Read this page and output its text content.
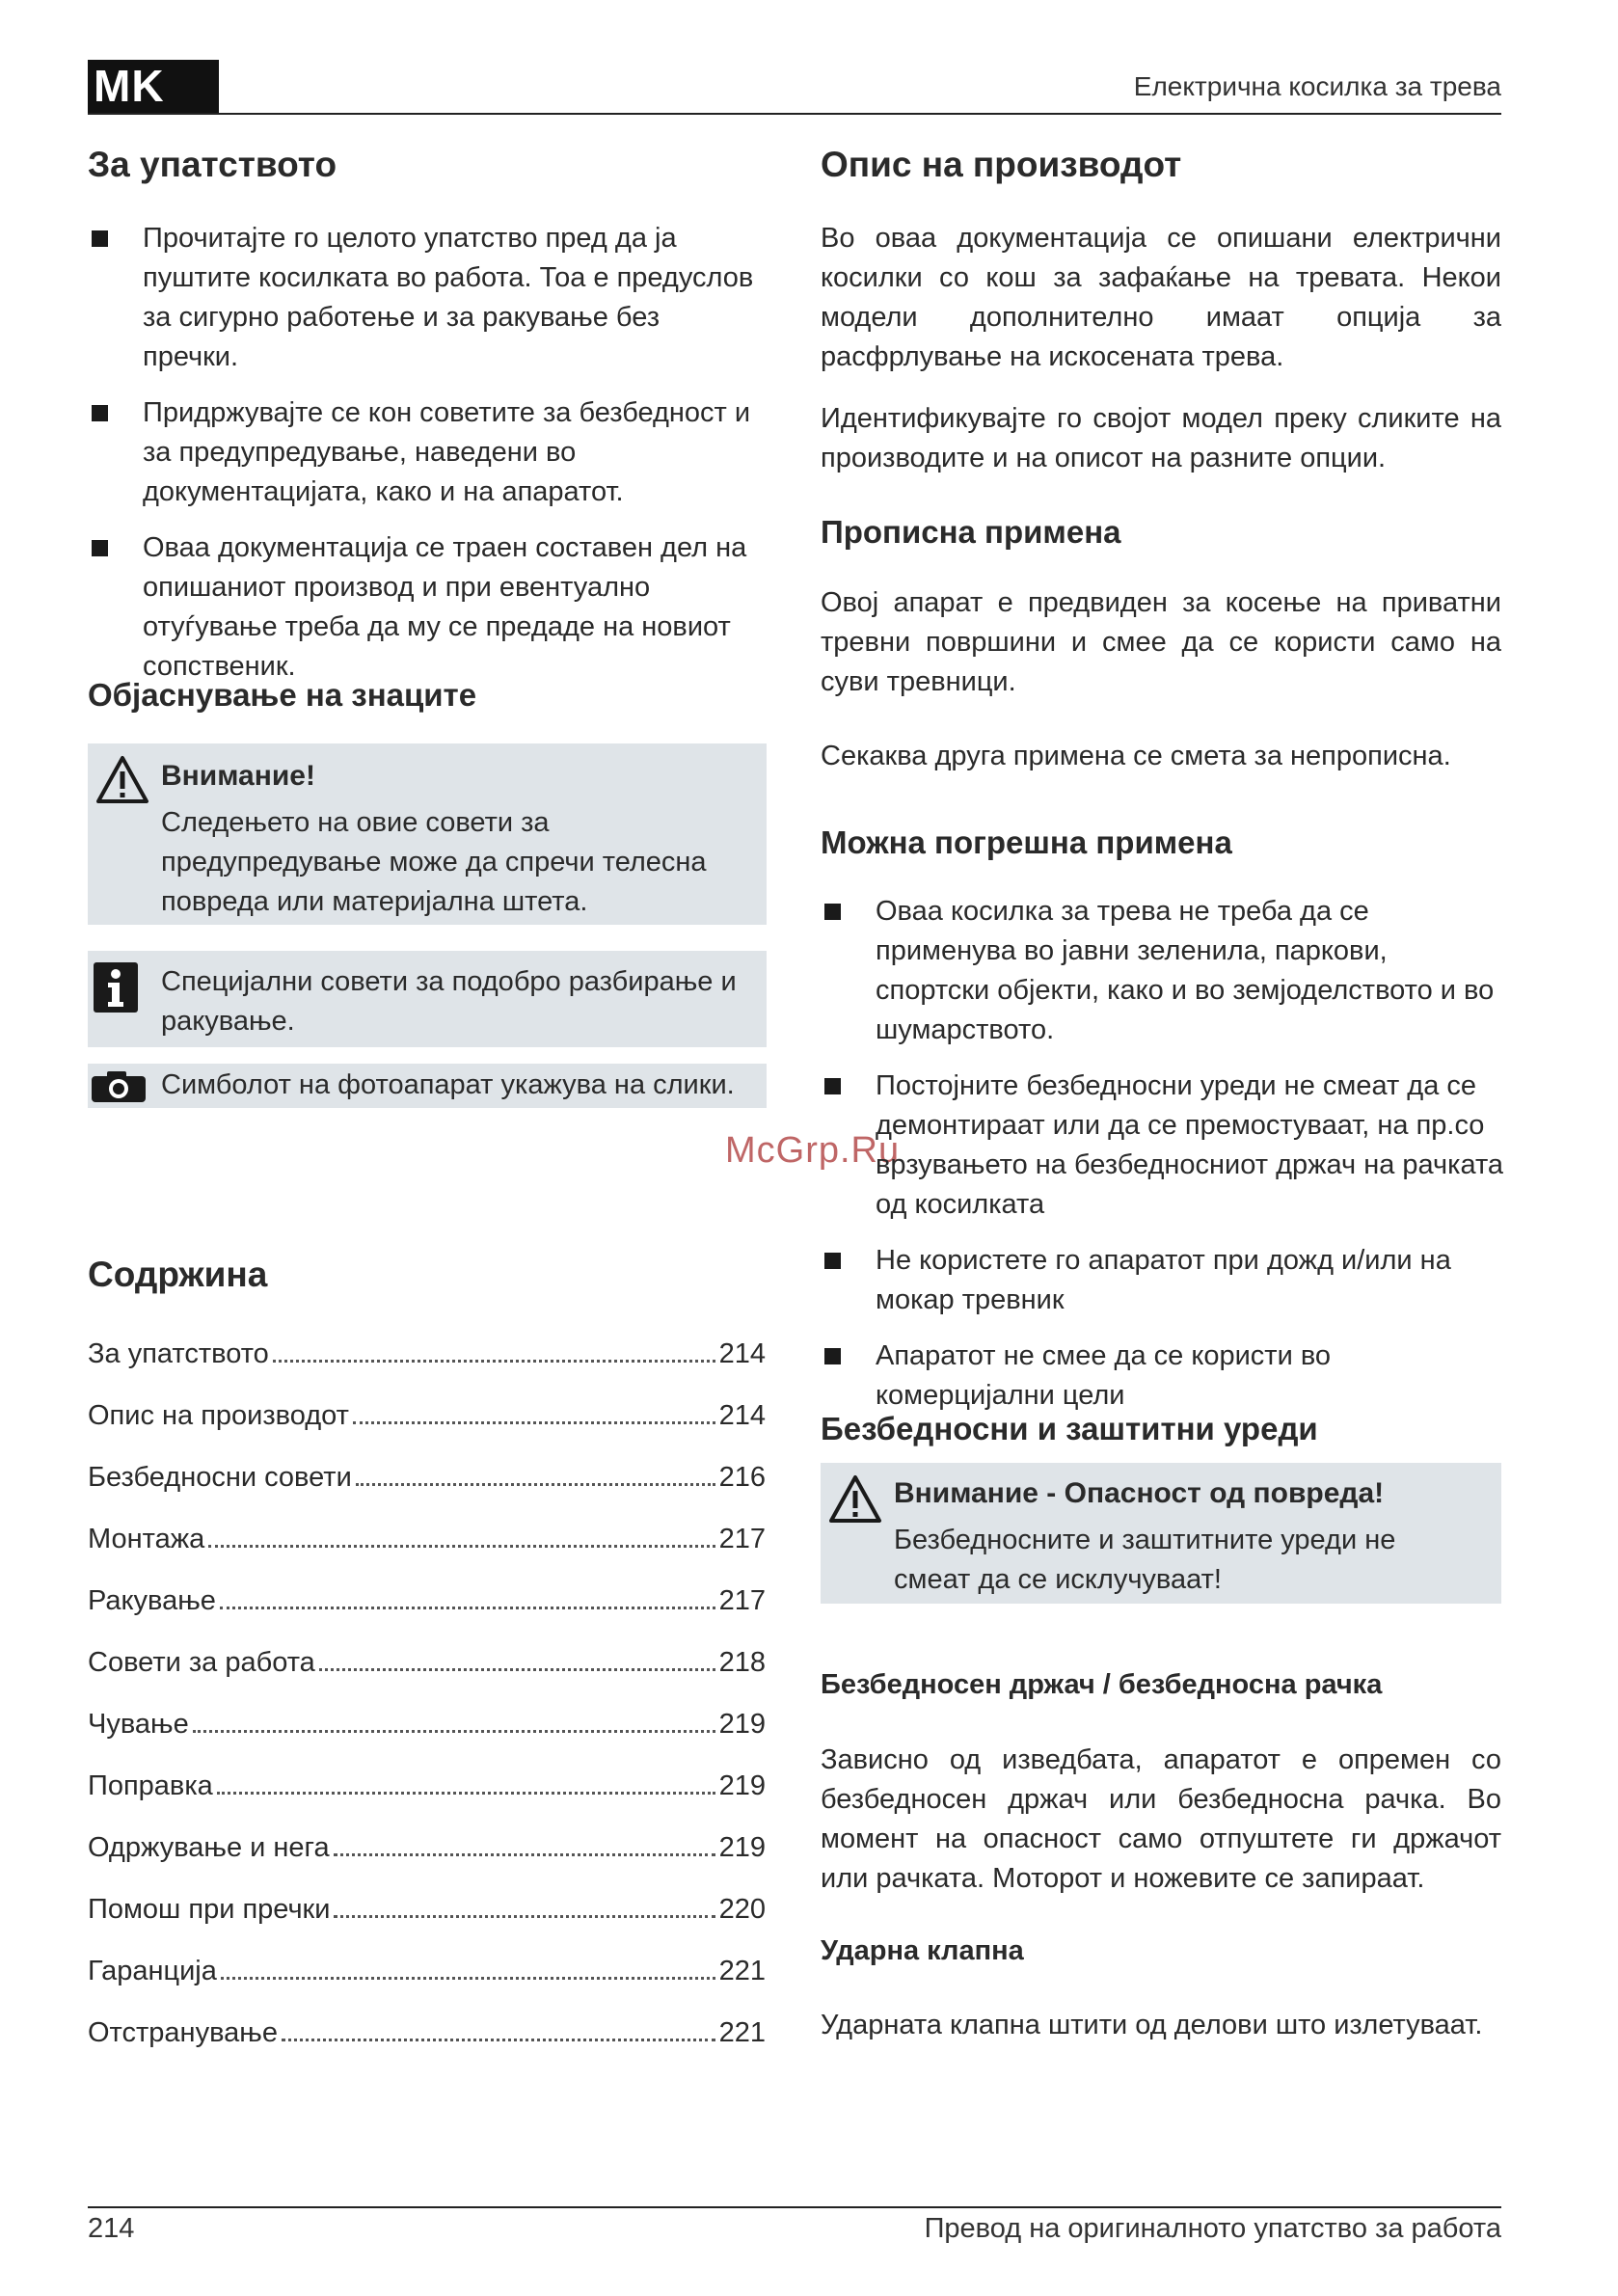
MK	Електрична косилка за трева
За упатството
Прочитајте го целото упатство пред да ја пуштите косилката во работа. Тоа е предуслов за сигурно работење и за ракување без пречки.
Придржувајте се кон советите за безбедност и за предупредување, наведени во документацијата, како и на апаратот.
Оваа документација се траен составен дел на опишаниот производ и при евентуално отуѓување треба да му се предаде на новиот сопственик.
Објаснување на знаците
Внимание!
Следењето на овие совети за предупредување може да спречи телесна повреда или материјална штета.
Специјални совети за подобро разбирање и ракување.
Симболот на фотоапарат укажува на слики.
McGrp.Ru
Содржина
За упатството	214
Опис на производот	214
Безбедносни совети	216
Монтажа	217
Ракување	217
Совети за работа	218
Чување	219
Поправка	219
Одржување и нега	219
Помош при пречки	220
Гаранција	221
Отстранување	221
Опис на производот

Во оваа документација се опишани електрични косилки со кош за зафаќање на тревата. Некои модели дополнително имаат опција за расфрлување на искосената трева.

Идентификувајте го својот модел преку сликите на производите и на описот на разните опции.

Прописна примена

Овој апарат е предвиден за косење на приватни тревни површини и смее да се користи само на суви тревници.

Секаква друга примена се смета за непрописна.

Можна погрешна примена
Оваа косилка за трева не треба да се применува во јавни зеленила, паркови, спортски објекти, како и во земјоделството и во шумарството.
Постојните безбедносни уреди не смеат да се демонтираат или да се премостуваат, на пр.со врзувањето на безбедносниот држач на рачката од косилката
Не користете го апаратот при дожд и/или на мокар тревник
Апаратот не смее да се користи во комерцијални цели
Безбедносни и заштитни уреди
Внимание - Опасност од повреда!
Безбедносните и заштитните уреди не смеат да се исклучуваат!
Безбедносен држач / безбедносна рачка

Зависно од изведбата, апаратот е опремен со безбедносен држач или безбедносна рачка. Во момент на опасност само отпуштете ги држачот или рачката. Моторот и ножевите се запираат.

Ударна клапна

Ударната клапна штити од делови што излетуваат.

214	Превод на оригиналното упатство за работа
